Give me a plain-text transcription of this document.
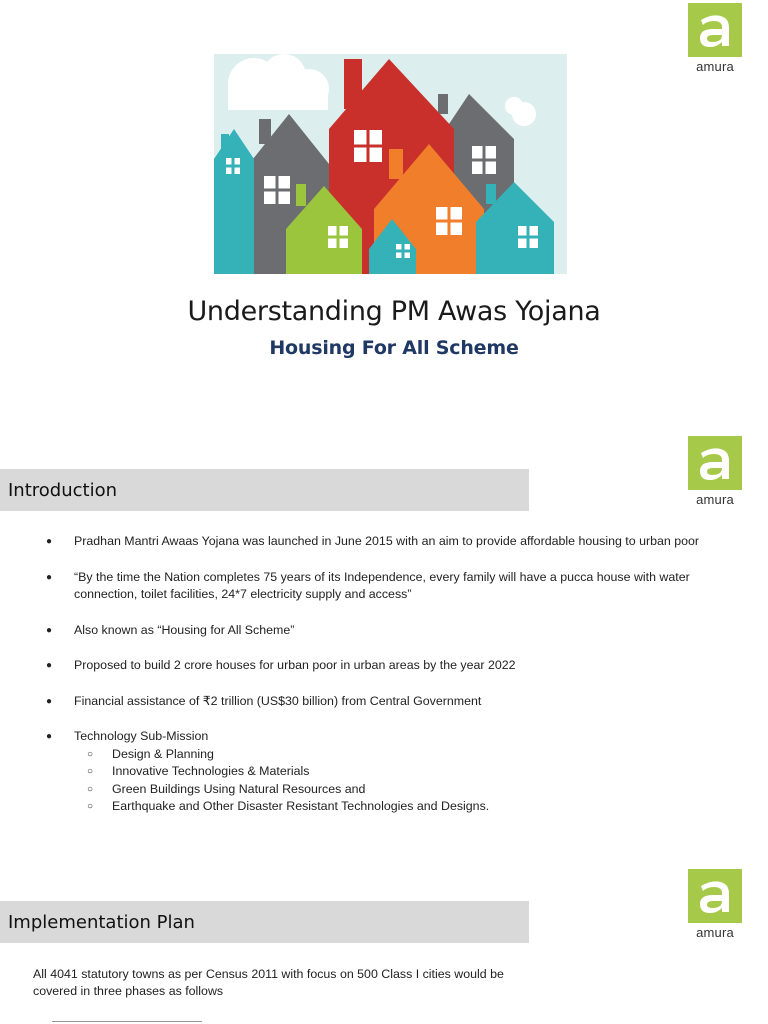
amura
Understanding PM Awas Yojana
Housing For All Scheme
amura
Introduction
● Pradhan Mantri Awaas Yojana was launched in June 2015 with an aim to provide affordable housing to urban poor
● “By the time the Nation completes 75 years of its Independence, every family will have a pucca house with water connection, toilet facilities, 24*7 electricity supply and access”
● Also known as “Housing for All Scheme”
● Proposed to build 2 crore houses for urban poor in urban areas by the year 2022
● Financial assistance of ₹2 trillion (US$30 billion) from Central Government
● Technology Sub-Mission
○ Design & Planning
○ Innovative Technologies & Materials
○ Green Buildings Using Natural Resources and
○ Earthquake and Other Disaster Resistant Technologies and Designs.
amura
Implementation Plan
All 4041 statutory towns as per Census 2011 with focus on 500 Class I cities would be covered in three phases as follows
